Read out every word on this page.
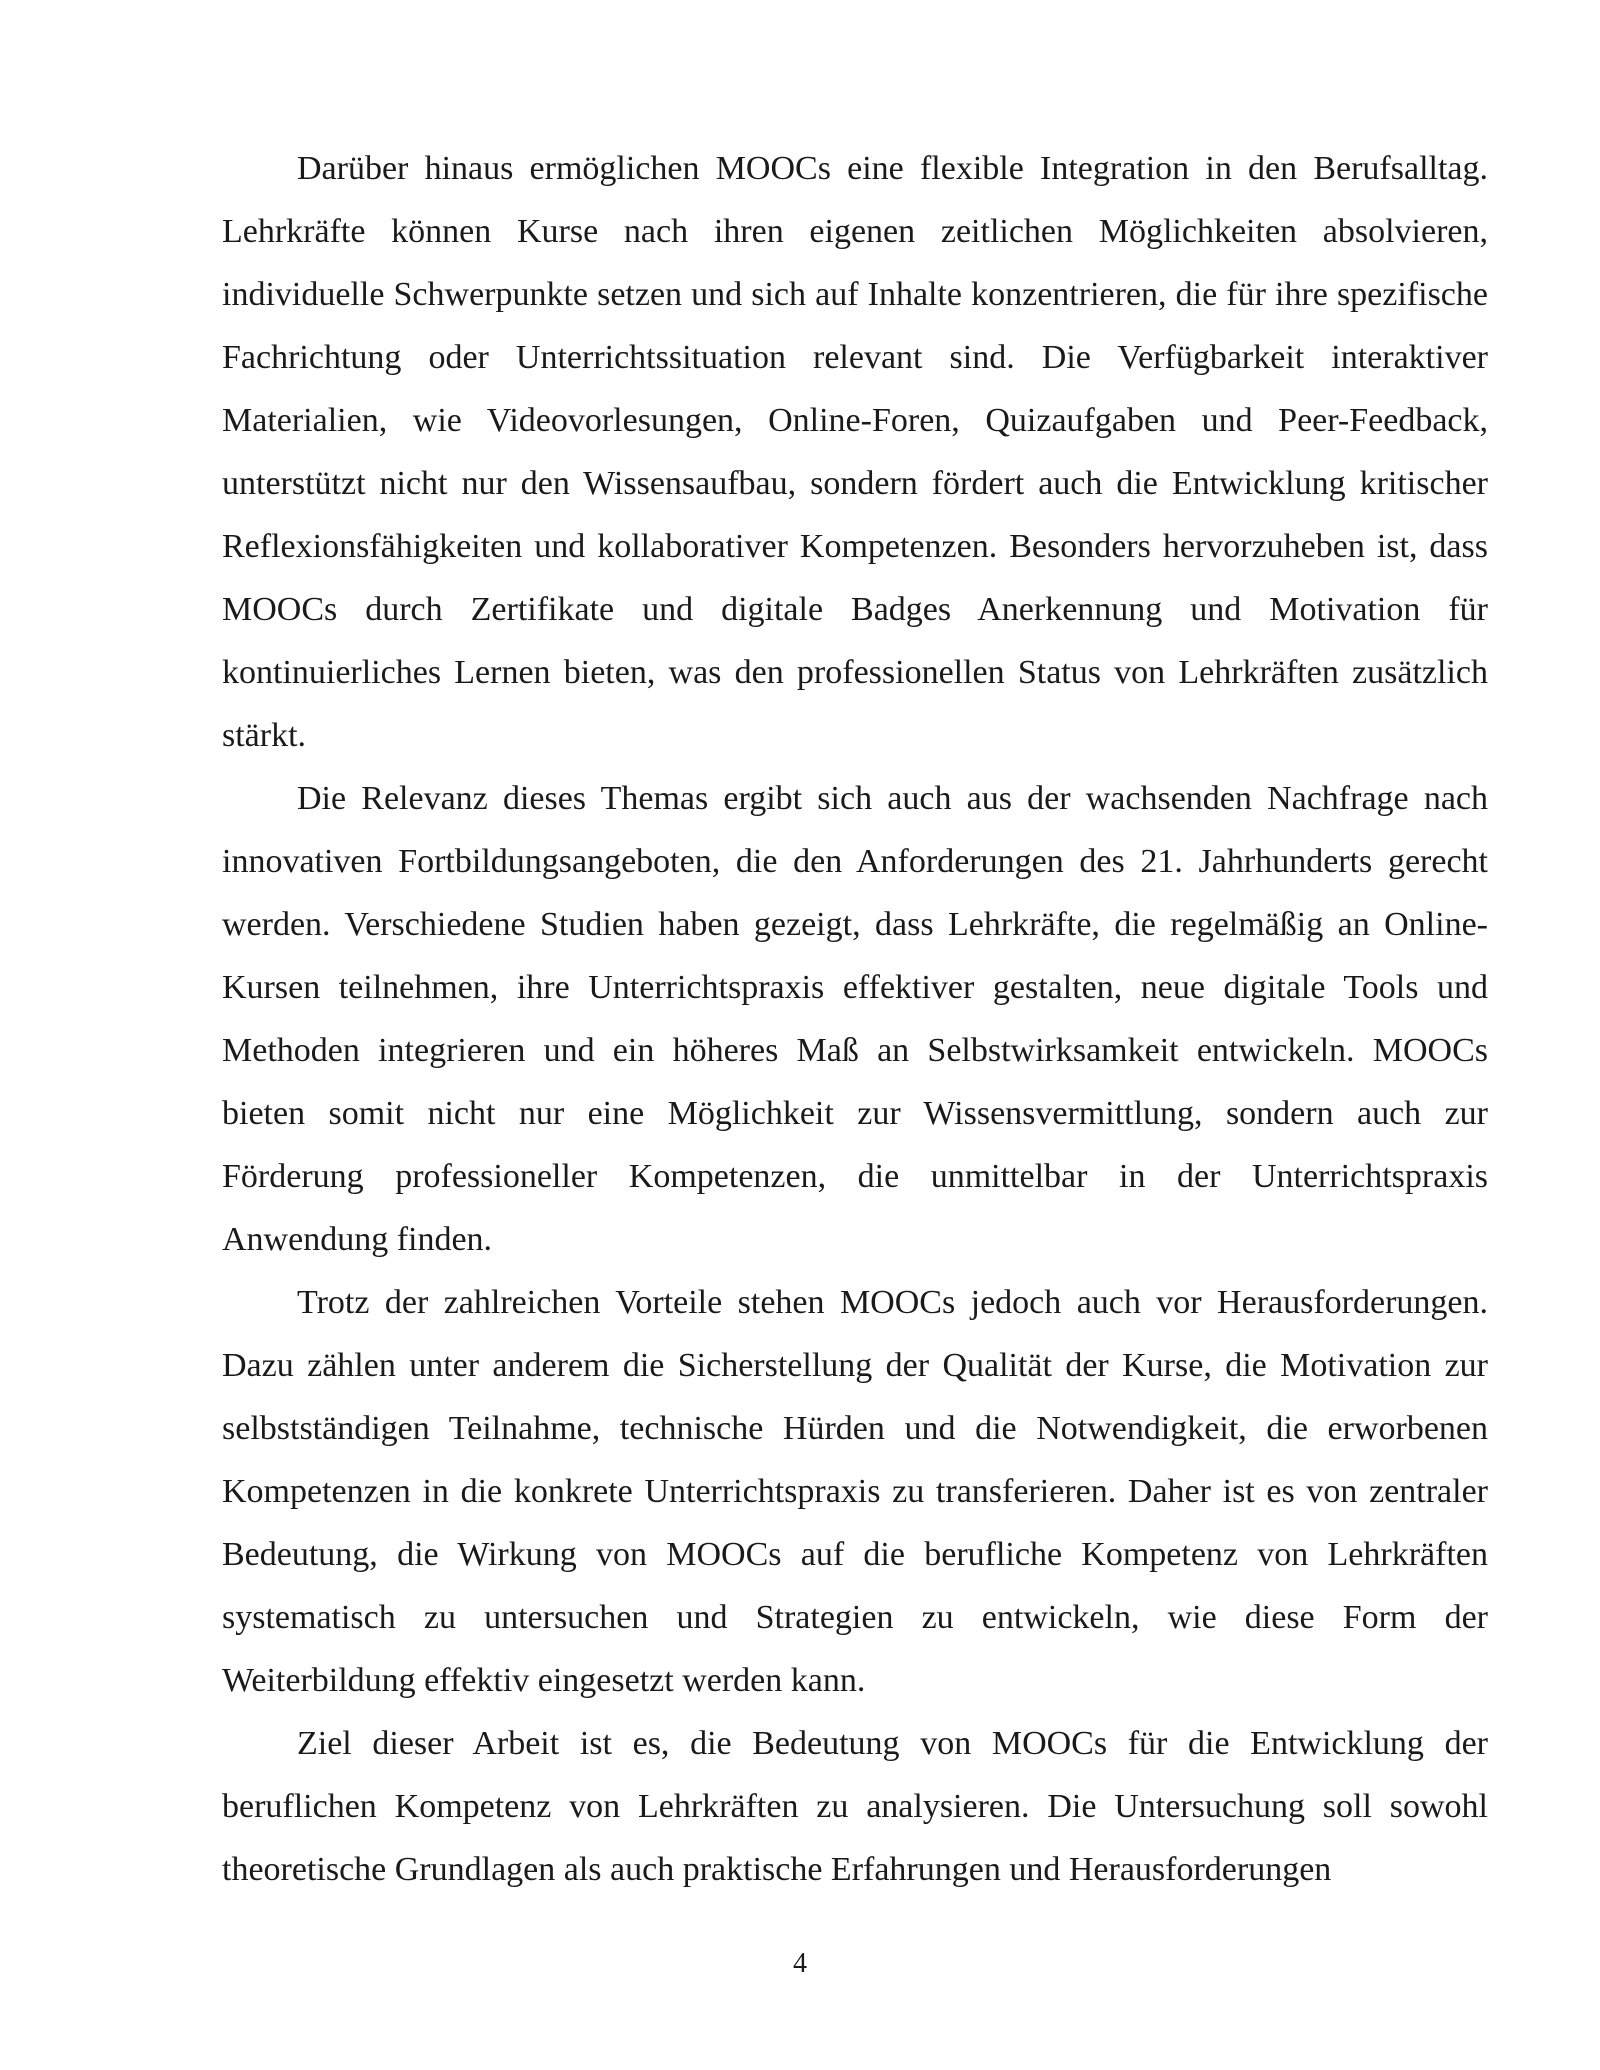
Darüber hinaus ermöglichen MOOCs eine flexible Integration in den Berufsalltag. Lehrkräfte können Kurse nach ihren eigenen zeitlichen Möglichkeiten absolvieren, individuelle Schwerpunkte setzen und sich auf Inhalte konzentrieren, die für ihre spezifische Fachrichtung oder Unterrichtssituation relevant sind. Die Verfügbarkeit interaktiver Materialien, wie Videovorlesungen, Online-Foren, Quizaufgaben und Peer-Feedback, unterstützt nicht nur den Wissensaufbau, sondern fördert auch die Entwicklung kritischer Reflexionsfähigkeiten und kollaborativer Kompetenzen. Besonders hervorzuheben ist, dass MOOCs durch Zertifikate und digitale Badges Anerkennung und Motivation für kontinuierliches Lernen bieten, was den professionellen Status von Lehrkräften zusätzlich stärkt.

Die Relevanz dieses Themas ergibt sich auch aus der wachsenden Nachfrage nach innovativen Fortbildungsangeboten, die den Anforderungen des 21. Jahrhunderts gerecht werden. Verschiedene Studien haben gezeigt, dass Lehrkräfte, die regelmäßig an Online-Kursen teilnehmen, ihre Unterrichtspraxis effektiver gestalten, neue digitale Tools und Methoden integrieren und ein höheres Maß an Selbstwirksamkeit entwickeln. MOOCs bieten somit nicht nur eine Möglichkeit zur Wissensvermittlung, sondern auch zur Förderung professioneller Kompetenzen, die unmittelbar in der Unterrichtspraxis Anwendung finden.

Trotz der zahlreichen Vorteile stehen MOOCs jedoch auch vor Herausforderungen. Dazu zählen unter anderem die Sicherstellung der Qualität der Kurse, die Motivation zur selbstständigen Teilnahme, technische Hürden und die Notwendigkeit, die erworbenen Kompetenzen in die konkrete Unterrichtspraxis zu transferieren. Daher ist es von zentraler Bedeutung, die Wirkung von MOOCs auf die berufliche Kompetenz von Lehrkräften systematisch zu untersuchen und Strategien zu entwickeln, wie diese Form der Weiterbildung effektiv eingesetzt werden kann.

Ziel dieser Arbeit ist es, die Bedeutung von MOOCs für die Entwicklung der beruflichen Kompetenz von Lehrkräften zu analysieren. Die Untersuchung soll sowohl theoretische Grundlagen als auch praktische Erfahrungen und Herausforderungen

4
